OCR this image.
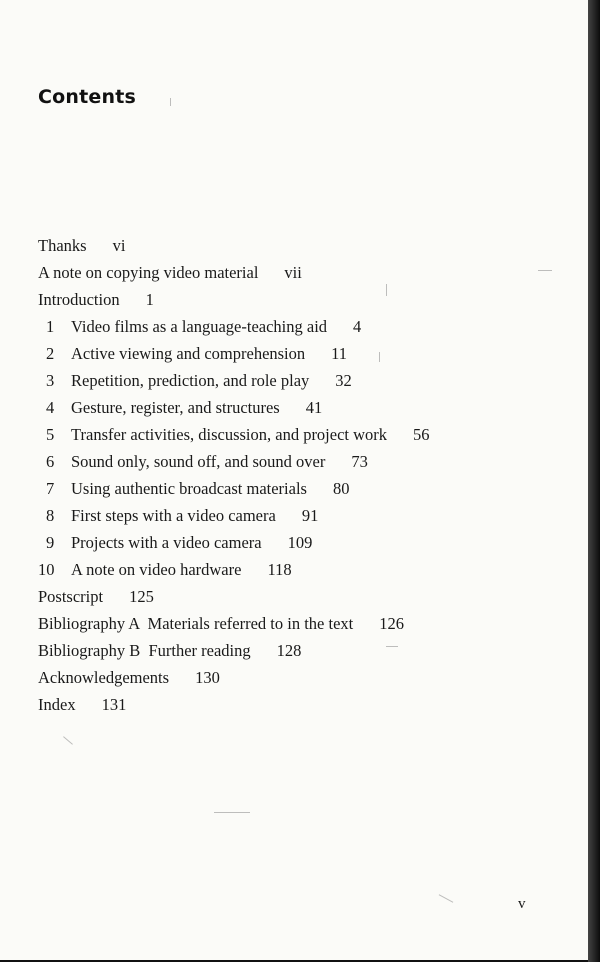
Contents
Thanks vi
A note on copying video material vii
Introduction 1
1 Video films as a language-teaching aid 4
2 Active viewing and comprehension 11
3 Repetition, prediction, and role play 32
4 Gesture, register, and structures 41
5 Transfer activities, discussion, and project work 56
6 Sound only, sound off, and sound over 73
7 Using authentic broadcast materials 80
8 First steps with a video camera 91
9 Projects with a video camera 109
10 A note on video hardware 118
Postscript 125
Bibliography A  Materials referred to in the text 126
Bibliography B  Further reading 128
Acknowledgements 130
Index 131
v
